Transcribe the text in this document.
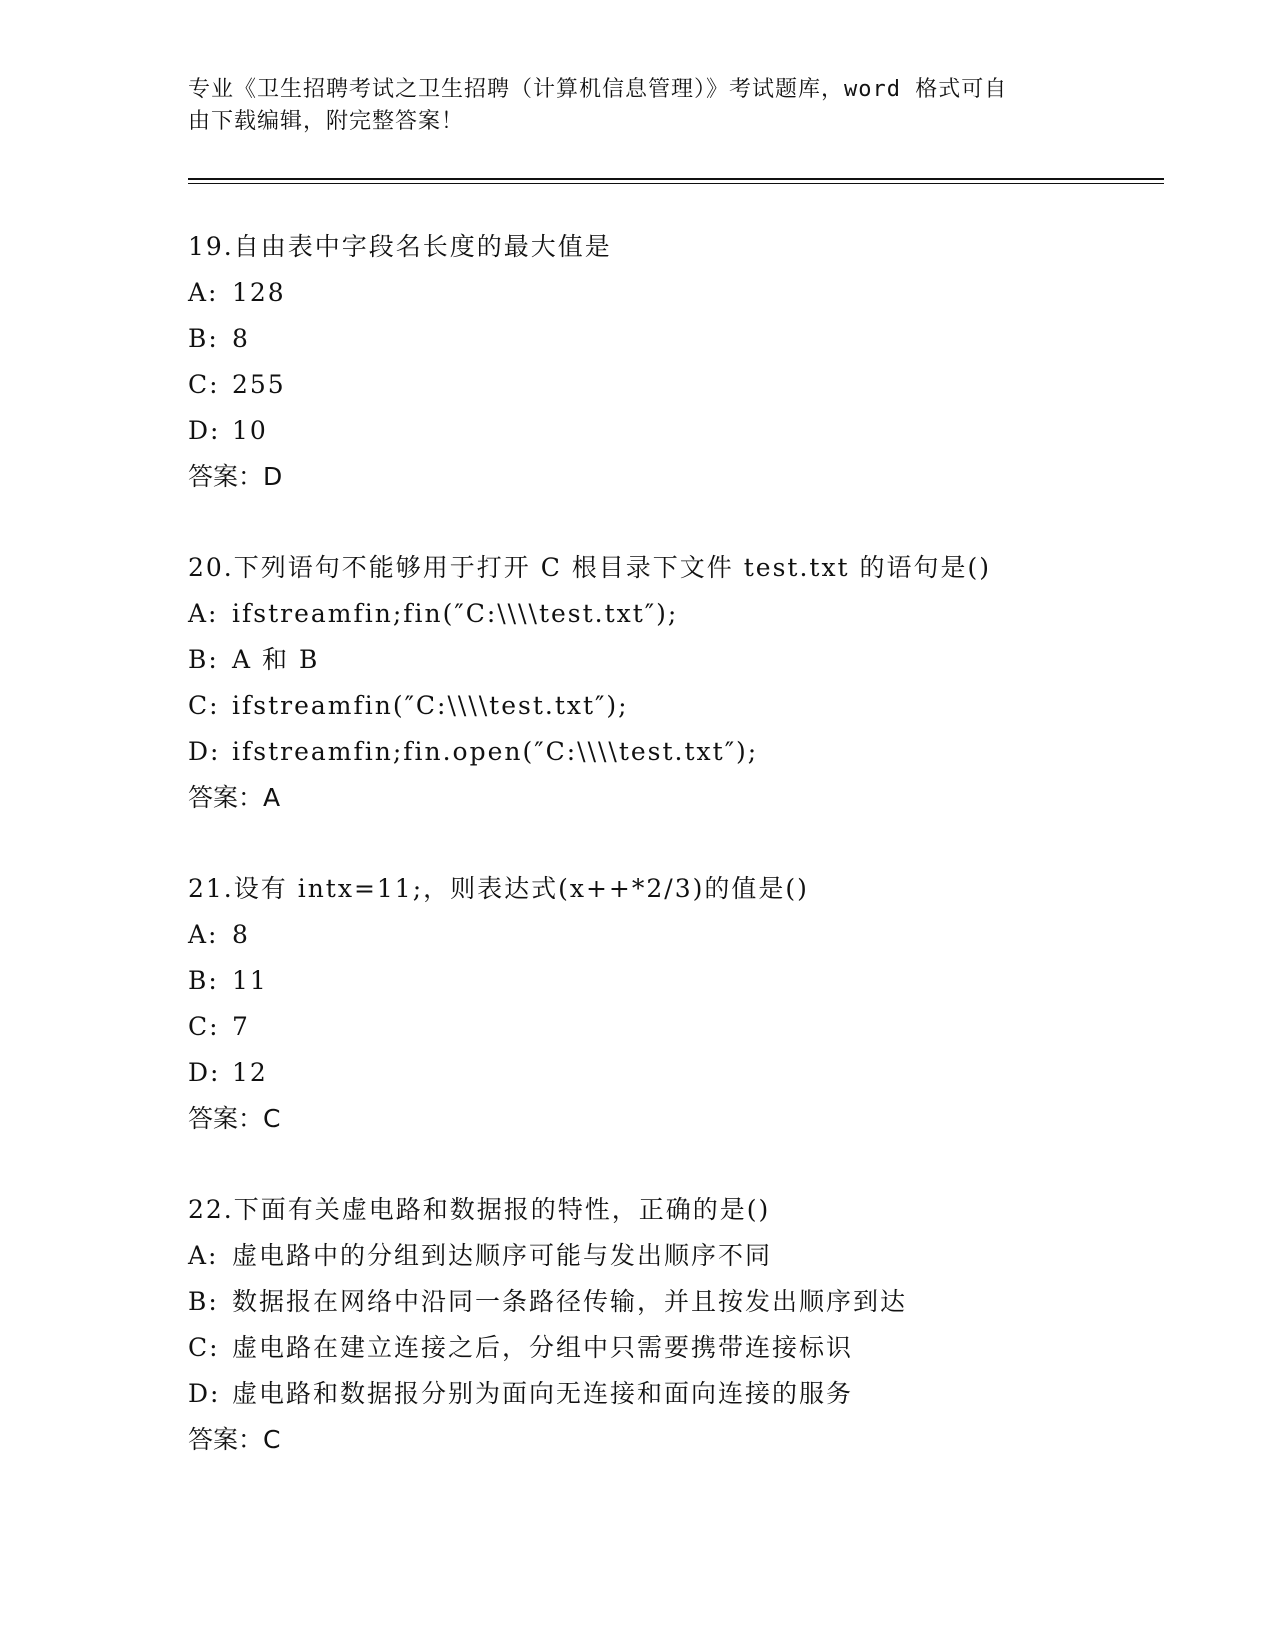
专业《卫生招聘考试之卫生招聘（计算机信息管理）》考试题库，word 格式可自
由下载编辑，附完整答案！
19.自由表中字段名长度的最大值是
A: 128
B: 8
C: 255
D: 10
答案：D
20.下列语句不能够用于打开 C 根目录下文件 test.txt 的语句是()
A: ifstreamfin;fin(″C:\\\\test.txt″);
B: A 和 B
C: ifstreamfin(″C:\\\\test.txt″);
D: ifstreamfin;fin.open(″C:\\\\test.txt″);
答案：A
21.设有 intx=11;，则表达式(x++*2/3)的值是()
A: 8
B: 11
C: 7
D: 12
答案：C
22.下面有关虚电路和数据报的特性，正确的是()
A: 虚电路中的分组到达顺序可能与发出顺序不同
B: 数据报在网络中沿同一条路径传输，并且按发出顺序到达
C: 虚电路在建立连接之后，分组中只需要携带连接标识
D: 虚电路和数据报分别为面向无连接和面向连接的服务
答案：C
